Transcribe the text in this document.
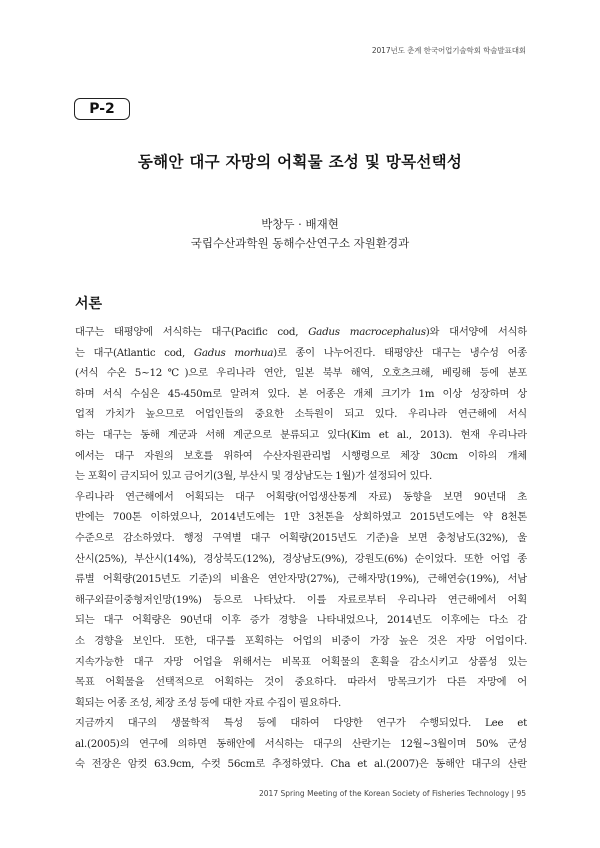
2017년도 춘계 한국어업기술학회 학술발표대회
P-2
동해안 대구 자망의 어획물 조성 및 망목선택성
박창두 · 배재현
국립수산과학원 동해수산연구소 자원환경과
서론
대구는 태평양에 서식하는 대구(Pacific cod, Gadus macrocephalus)와 대서양에 서식하
는 대구(Atlantic cod, Gadus morhua)로 종이 나누어진다. 태평양산 대구는 냉수성 어종
(서식 수온 5~12℃)으로 우리나라 연안, 일본 북부 해역, 오호츠크해, 베링해 등에 분포
하며 서식 수심은 45-450m로 알려져 있다. 본 어종은 개체 크기가 1m 이상 성장하며 상
업적 가치가 높으므로 어업인들의 중요한 소득원이 되고 있다. 우리나라 연근해에 서식
하는 대구는 동해 계군과 서해 계군으로 분류되고 있다(Kim et al., 2013). 현재 우리나라
에서는 대구 자원의 보호를 위하여 수산자원관리법 시행령으로 체장 30cm 이하의 개체
는 포획이 금지되어 있고 금어기(3월, 부산시 및 경상남도는 1월)가 설정되어 있다.
우리나라 연근해에서 어획되는 대구 어획량(어업생산통계 자료) 동향을 보면 90년대 초
반에는 700톤 이하였으나, 2014년도에는 1만 3천톤을 상회하였고 2015년도에는 약 8천톤
수준으로 감소하였다. 행정 구역별 대구 어획량(2015년도 기준)을 보면 충청남도(32%), 울
산시(25%), 부산시(14%), 경상북도(12%), 경상남도(9%), 강원도(6%) 순이었다. 또한 어업 종
류별 어획량(2015년도 기준)의 비율은 연안자망(27%), 근해자망(19%), 근해연승(19%), 서남
해구외끌이중형저인망(19%) 등으로 나타났다. 이를 자료로부터 우리나라 연근해에서 어획
되는 대구 어획량은 90년대 이후 증가 경향을 나타내었으나, 2014년도 이후에는 다소 감
소 경향을 보인다. 또한, 대구를 포획하는 어업의 비중이 가장 높은 것은 자망 어업이다.
지속가능한 대구 자망 어업을 위해서는 비목표 어획물의 혼획을 감소시키고 상품성 있는
목표 어획물을 선택적으로 어획하는 것이 중요하다. 따라서 망목크기가 다른 자망에 어
획되는 어종 조성, 체장 조성 등에 대한 자료 수집이 필요하다.
지금까지 대구의 생물학적 특성 등에 대하여 다양한 연구가 수행되었다. Lee et
al.(2005)의 연구에 의하면 동해안에 서식하는 대구의 산란기는 12월~3월이며 50% 군성
숙 전장은 암컷 63.9cm, 수컷 56cm로 추정하였다. Cha et al.(2007)은 동해안 대구의 산란
2017 Spring Meeting of the Korean Society of Fisheries Technology | 95
